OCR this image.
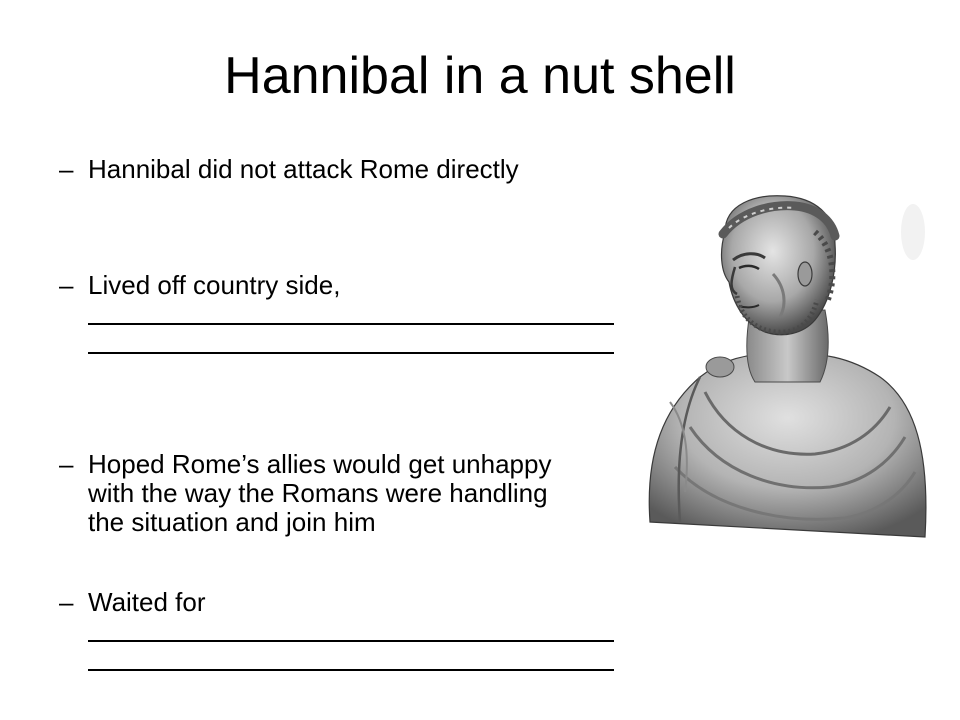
Hannibal in a nut shell
– Hannibal did not attack Rome directly
– Lived off country side,
– Hoped Rome’s allies would get unhappy
with the way the Romans were handling
the situation and join him
– Waited for
